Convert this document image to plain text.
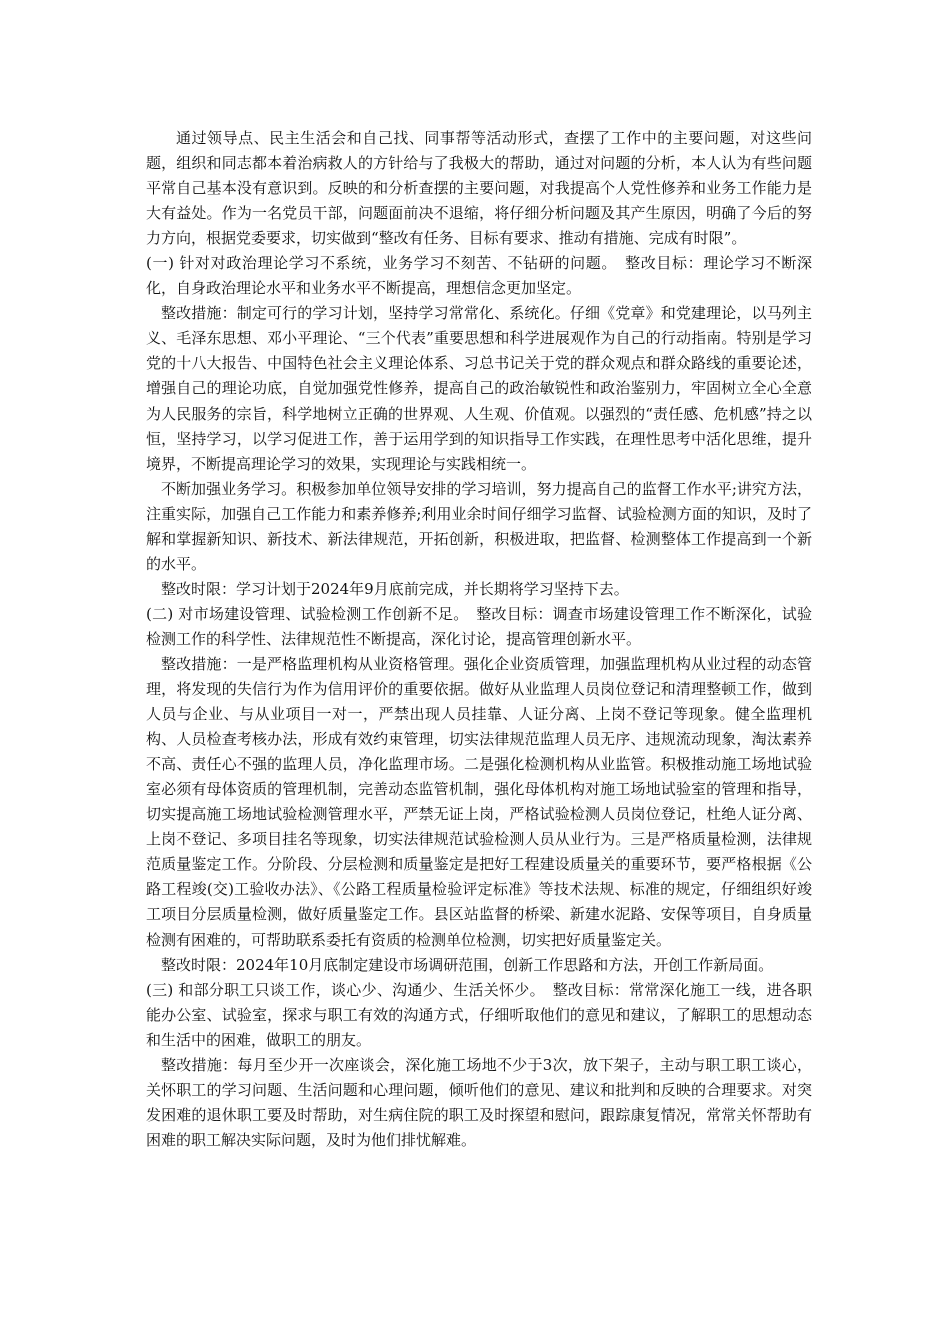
通过领导点、民主生活会和自己找、同事帮等活动形式，查摆了工作中的主要问题，对这些问题，组织和同志都本着治病救人的方针给与了我极大的帮助，通过对问题的分析，本人认为有些问题平常自己基本没有意识到。反映的和分析查摆的主要问题，对我提高个人党性修养和业务工作能力是大有益处。作为一名党员干部，问题面前决不退缩，将仔细分析问题及其产生原因，明确了今后的努力方向，根据党委要求，切实做到“整改有任务、目标有要求、推动有措施、完成有时限”。

(一) 针对对政治理论学习不系统，业务学习不刻苦、不钻研的问题。　整改目标：理论学习不断深化，自身政治理论水平和业务水平不断提高，理想信念更加坚定。

整改措施：制定可行的学习计划，坚持学习常常化、系统化。仔细《党章》和党建理论，以马列主义、毛泽东思想、邓小平理论、“三个代表”重要思想和科学进展观作为自己的行动指南。特别是学习党的十八大报告、中国特色社会主义理论体系、习总书记关于党的群众观点和群众路线的重要论述，增强自己的理论功底，自觉加强党性修养，提高自己的政治敏锐性和政治鉴别力，牢固树立全心全意为人民服务的宗旨，科学地树立正确的世界观、人生观、价值观。以强烈的“责任感、危机感”持之以恒，坚持学习，以学习促进工作，善于运用学到的知识指导工作实践，在理性思考中活化思维，提升境界，不断提高理论学习的效果，实现理论与实践相统一。

不断加强业务学习。积极参加单位领导安排的学习培训，努力提高自己的监督工作水平;讲究方法，注重实际，加强自己工作能力和素养修养;利用业余时间仔细学习监督、试验检测方面的知识，及时了解和掌握新知识、新技术、新法律规范，开拓创新，积极进取，把监督、检测整体工作提高到一个新的水平。

整改时限：学习计划于2024年9月底前完成，并长期将学习坚持下去。

(二) 对市场建设管理、试验检测工作创新不足。　整改目标：调查市场建设管理工作不断深化，试验检测工作的科学性、法律规范性不断提高，深化讨论，提高管理创新水平。

整改措施：一是严格监理机构从业资格管理。强化企业资质管理，加强监理机构从业过程的动态管理，将发现的失信行为作为信用评价的重要依据。做好从业监理人员岗位登记和清理整顿工作，做到人员与企业、与从业项目一对一，严禁出现人员挂靠、人证分离、上岗不登记等现象。健全监理机构、人员检查考核办法，形成有效约束管理，切实法律规范监理人员无序、违规流动现象，淘汰素养不高、责任心不强的监理人员，净化监理市场。二是强化检测机构从业监管。积极推动施工场地试验室必须有母体资质的管理机制，完善动态监管机制，强化母体机构对施工场地试验室的管理和指导，切实提高施工场地试验检测管理水平，严禁无证上岗，严格试验检测人员岗位登记，杜绝人证分离、上岗不登记、多项目挂名等现象，切实法律规范试验检测人员从业行为。三是严格质量检测，法律规范质量鉴定工作。分阶段、分层检测和质量鉴定是把好工程建设质量关的重要环节，要严格根据《公路工程竣(交)工验收办法》、《公路工程质量检验评定标准》等技术法规、标准的规定，仔细组织好竣工项目分层质量检测，做好质量鉴定工作。县区站监督的桥梁、新建水泥路、安保等项目，自身质量检测有困难的，可帮助联系委托有资质的检测单位检测，切实把好质量鉴定关。

整改时限：2024年10月底制定建设市场调研范围，创新工作思路和方法，开创工作新局面。

(三) 和部分职工只谈工作，谈心少、沟通少、生活关怀少。　整改目标：常常深化施工一线，进各职能办公室、试验室，探求与职工有效的沟通方式，仔细听取他们的意见和建议，了解职工的思想动态和生活中的困难，做职工的朋友。

整改措施：每月至少开一次座谈会，深化施工场地不少于3次，放下架子，主动与职工职工谈心，关怀职工的学习问题、生活问题和心理问题，倾听他们的意见、建议和批判和反映的合理要求。对突发困难的退休职工要及时帮助，对生病住院的职工及时探望和慰问，跟踪康复情况，常常关怀帮助有困难的职工解决实际问题，及时为他们排忧解难。
